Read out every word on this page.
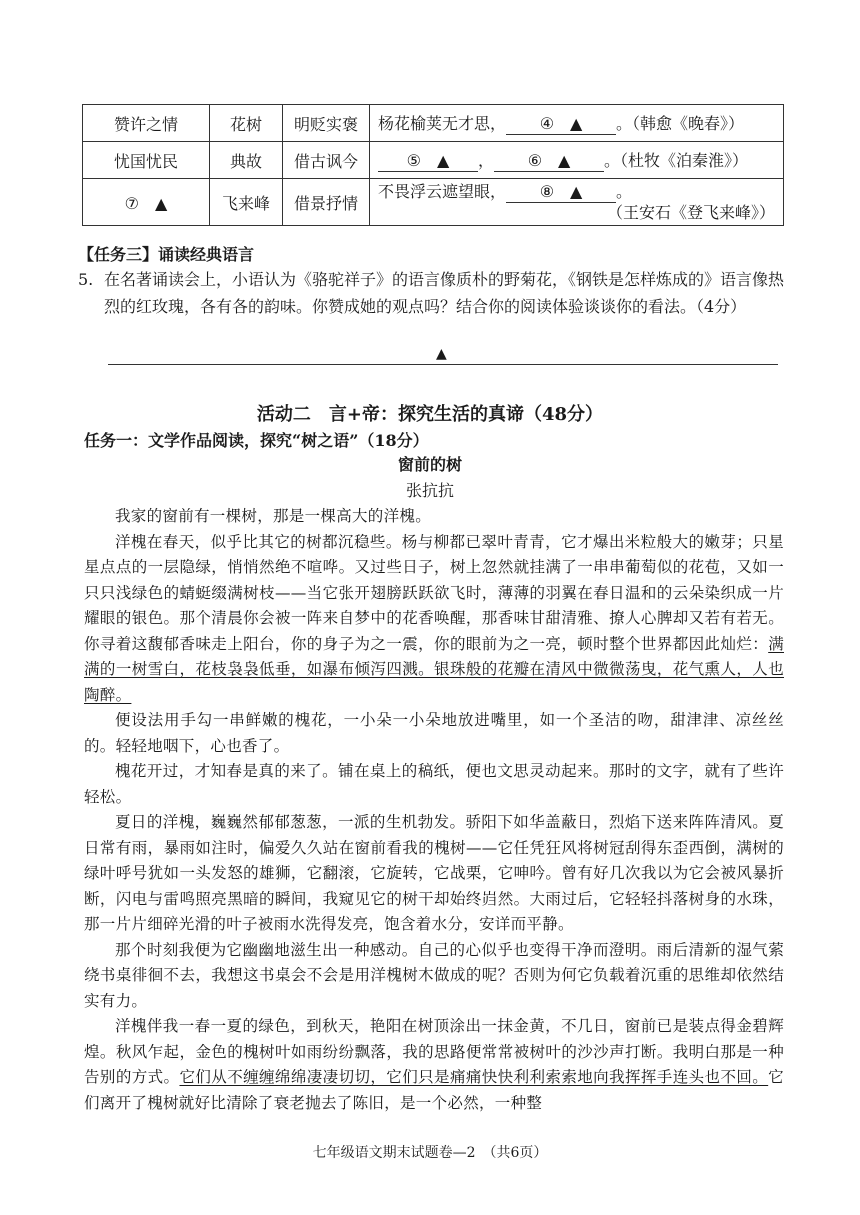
赞许之情	花树	明贬实褒	杨花榆荚无才思， ④　▲ 。（韩愈《晚春》）
忧国忧民	典故	借古讽今	⑤　▲ ， ⑥　▲ 。（杜牧《泊秦淮》）
⑦　▲	飞来峰	借景抒情	不畏浮云遮望眼， ⑧　▲ 。

（王安石《登飞来峰》）
【任务三】诵读经典语言
5. 在名著诵读会上，小语认为《骆驼祥子》的语言像质朴的野菊花，《钢铁是怎样炼成的》语言像热烈的红玫瑰，各有各的韵味。你赞成她的观点吗？结合你的阅读体验谈谈你的看法。（4分）
▲
活动二　言+帝：探究生活的真谛（48分）
任务一：文学作品阅读，探究“树之语”（18分）
窗前的树
张抗抗

我家的窗前有一棵树，那是一棵高大的洋槐。

洋槐在春天，似乎比其它的树都沉稳些。杨与柳都已翠叶青青，它才爆出米粒般大的嫩芽；只星星点点的一层隐绿，悄悄然绝不喧哗。又过些日子，树上忽然就挂满了一串串葡萄似的花苞，又如一只只浅绿色的蜻蜓缀满树枝——当它张开翅膀跃跃欲飞时，薄薄的羽翼在春日温和的云朵染织成一片耀眼的银色。那个清晨你会被一阵来自梦中的花香唤醒，那香味甘甜清雅、撩人心脾却又若有若无。你寻着这馥郁香味走上阳台，你的身子为之一震，你的眼前为之一亮，顿时整个世界都因此灿烂：满满的一树雪白，花枝袅袅低垂，如瀑布倾泻四溅。银珠般的花瓣在清风中微微荡曳，花气熏人，人也陶醉。

便设法用手勾一串鲜嫩的槐花，一小朵一小朵地放进嘴里，如一个圣洁的吻，甜津津、凉丝丝的。轻轻地咽下，心也香了。

槐花开过，才知春是真的来了。铺在桌上的稿纸，便也文思灵动起来。那时的文字，就有了些许轻松。

夏日的洋槐，巍巍然郁郁葱葱，一派的生机勃发。骄阳下如华盖蔽日，烈焰下送来阵阵清风。夏日常有雨，暴雨如注时，偏爱久久站在窗前看我的槐树——它任凭狂风将树冠刮得东歪西倒，满树的绿叶呼号犹如一头发怒的雄狮，它翻滚，它旋转，它战栗，它呻吟。曾有好几次我以为它会被风暴折断，闪电与雷鸣照亮黑暗的瞬间，我窥见它的树干却始终岿然。大雨过后，它轻轻抖落树身的水珠，那一片片细碎光滑的叶子被雨水洗得发亮，饱含着水分，安详而平静。

那个时刻我便为它幽幽地滋生出一种感动。自己的心似乎也变得干净而澄明。雨后清新的湿气萦绕书桌徘徊不去，我想这书桌会不会是用洋槐树木做成的呢？否则为何它负载着沉重的思维却依然结实有力。

洋槐伴我一春一夏的绿色，到秋天，艳阳在树顶涂出一抹金黄，不几日，窗前已是装点得金碧辉煌。秋风乍起，金色的槐树叶如雨纷纷飘落，我的思路便常常被树叶的沙沙声打断。我明白那是一种告别的方式。它们从不缠缠绵绵凄凄切切，它们只是痛痛快快利利索索地向我挥挥手连头也不回。它们离开了槐树就好比清除了衰老抛去了陈旧，是一个必然，一种整

七年级语文期末试题卷—2　（共6页）
